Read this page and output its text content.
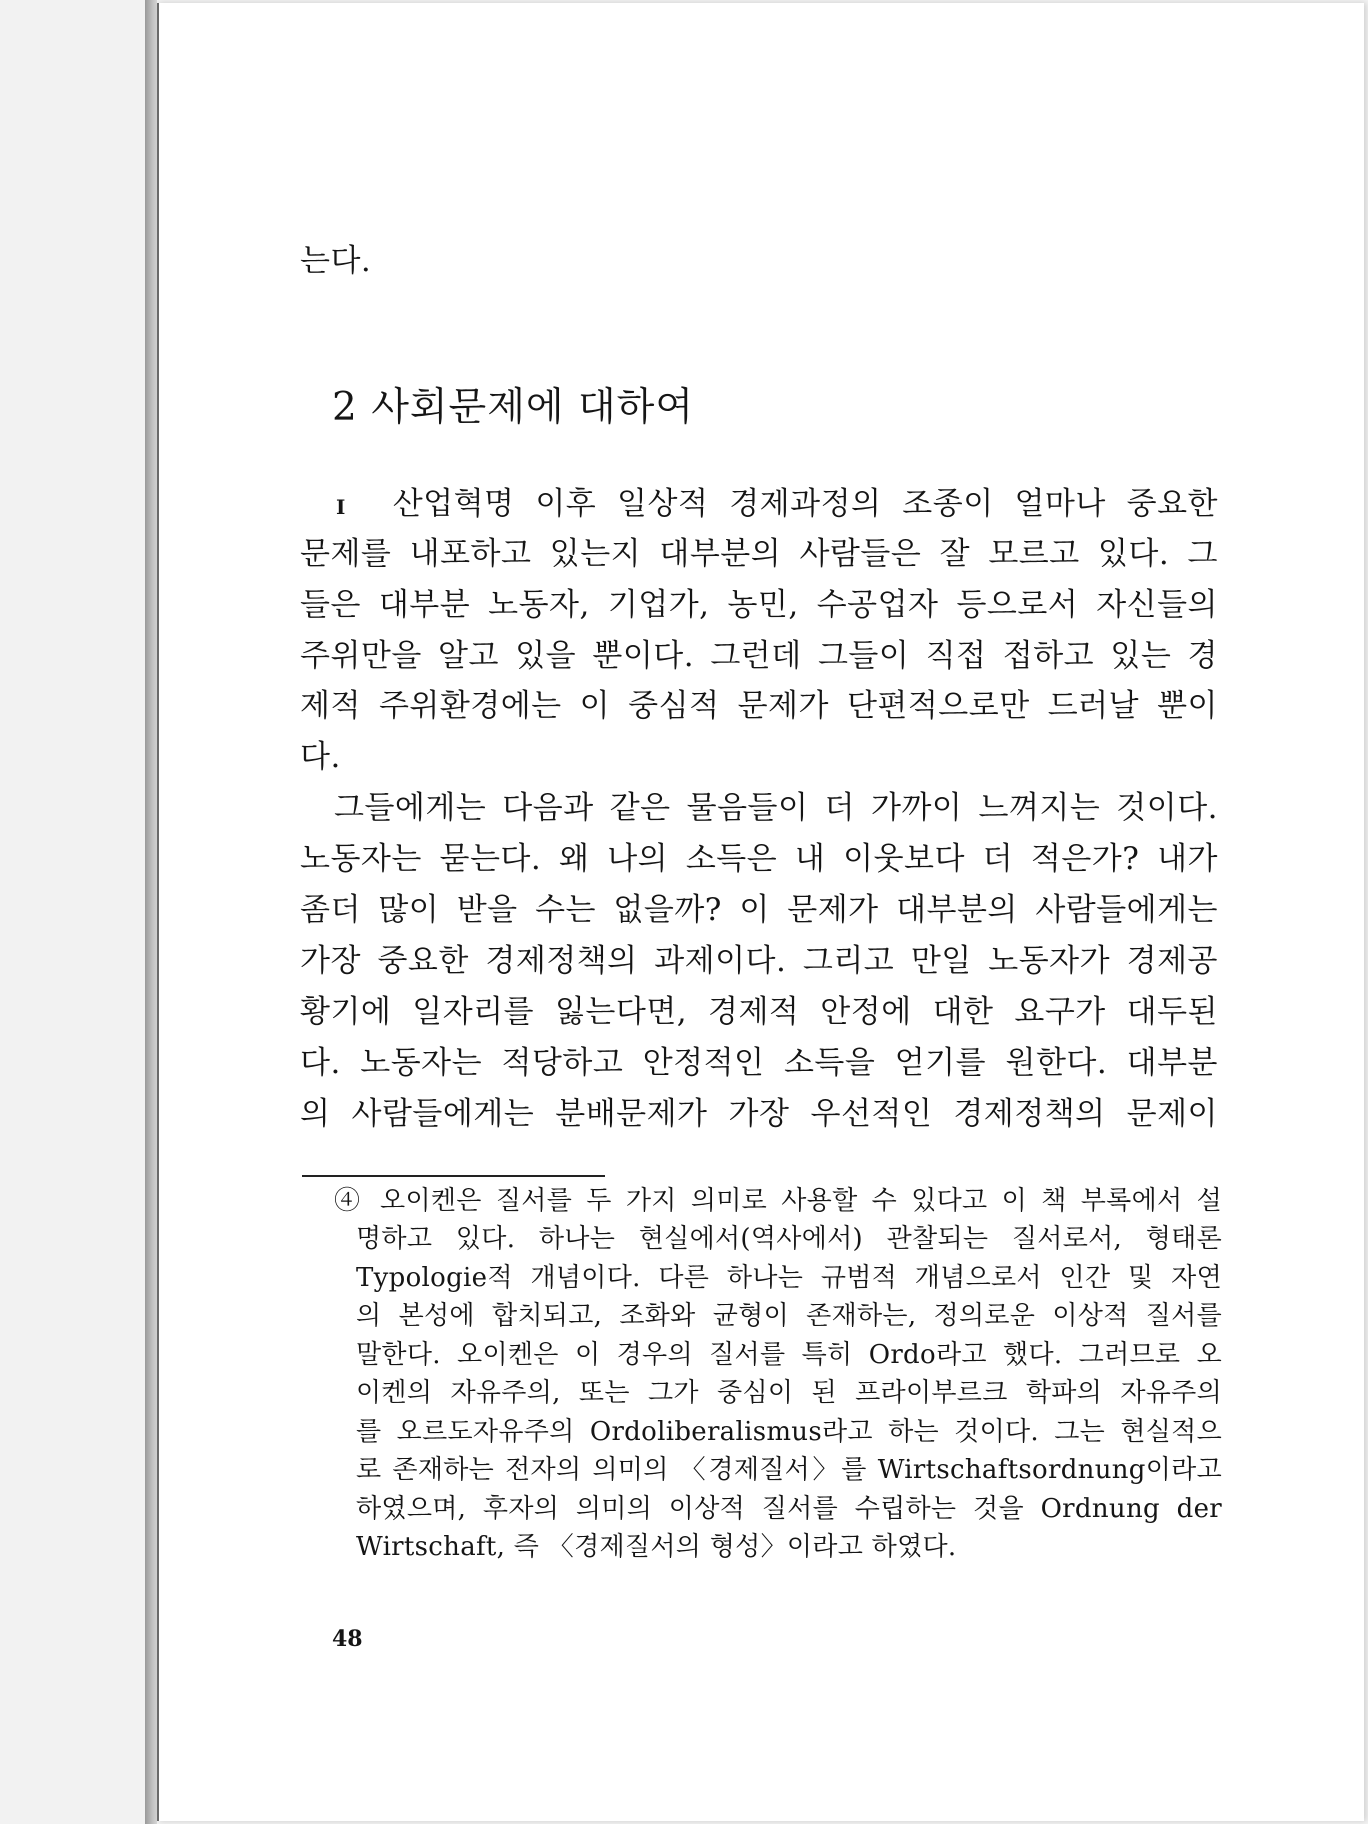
는다.
2 사회문제에 대하여
I 산업혁명 이후 일상적 경제과정의 조종이 얼마나 중요한
문제를 내포하고 있는지 대부분의 사람들은 잘 모르고 있다. 그
들은 대부분 노동자, 기업가, 농민, 수공업자 등으로서 자신들의
주위만을 알고 있을 뿐이다. 그런데 그들이 직접 접하고 있는 경
제적 주위환경에는 이 중심적 문제가 단편적으로만 드러날 뿐이
다.
그들에게는 다음과 같은 물음들이 더 가까이 느껴지는 것이다.
노동자는 묻는다. 왜 나의 소득은 내 이웃보다 더 적은가? 내가
좀더 많이 받을 수는 없을까? 이 문제가 대부분의 사람들에게는
가장 중요한 경제정책의 과제이다. 그리고 만일 노동자가 경제공
황기에 일자리를 잃는다면, 경제적 안정에 대한 요구가 대두된
다. 노동자는 적당하고 안정적인 소득을 얻기를 원한다. 대부분
의 사람들에게는 분배문제가 가장 우선적인 경제정책의 문제이
④ 오이켄은 질서를 두 가지 의미로 사용할 수 있다고 이 책 부록에서 설
명하고 있다. 하나는 현실에서(역사에서) 관찰되는 질서로서, 형태론
Typologie적 개념이다. 다른 하나는 규범적 개념으로서 인간 및 자연
의 본성에 합치되고, 조화와 균형이 존재하는, 정의로운 이상적 질서를
말한다. 오이켄은 이 경우의 질서를 특히 Ordo라고 했다. 그러므로 오
이켄의 자유주의, 또는 그가 중심이 된 프라이부르크 학파의 자유주의
를 오르도자유주의 Ordoliberalismus라고 하는 것이다. 그는 현실적으
로 존재하는 전자의 의미의 〈경제질서〉를 Wirtschaftsordnung이라고
하였으며, 후자의 의미의 이상적 질서를 수립하는 것을 Ordnung der
Wirtschaft, 즉 〈경제질서의 형성〉이라고 하였다.
48
